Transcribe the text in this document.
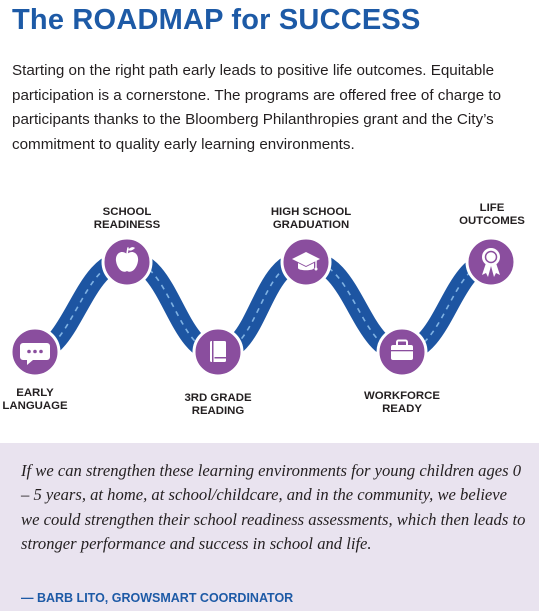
The ROADMAP for SUCCESS

Starting on the right path early leads to positive life outcomes. Equitable participation is a cornerstone. The programs are offered free of charge to participants thanks to the Bloomberg Philanthropies grant and the City’s commitment to quality early learning environments.

EARLY
LANGUAGE
SCHOOL
READINESS
3RD GRADE
READING
HIGH SCHOOL
GRADUATION
WORKFORCE
READY
LIFE
OUTCOMES

If we can strengthen these learning environments for young children ages 0 – 5 years, at home, at school/childcare, and in the community, we believe we could strengthen their school readiness assessments, which then leads to stronger performance and success in school and life.

— BARB LITO, GROWSMART COORDINATOR
